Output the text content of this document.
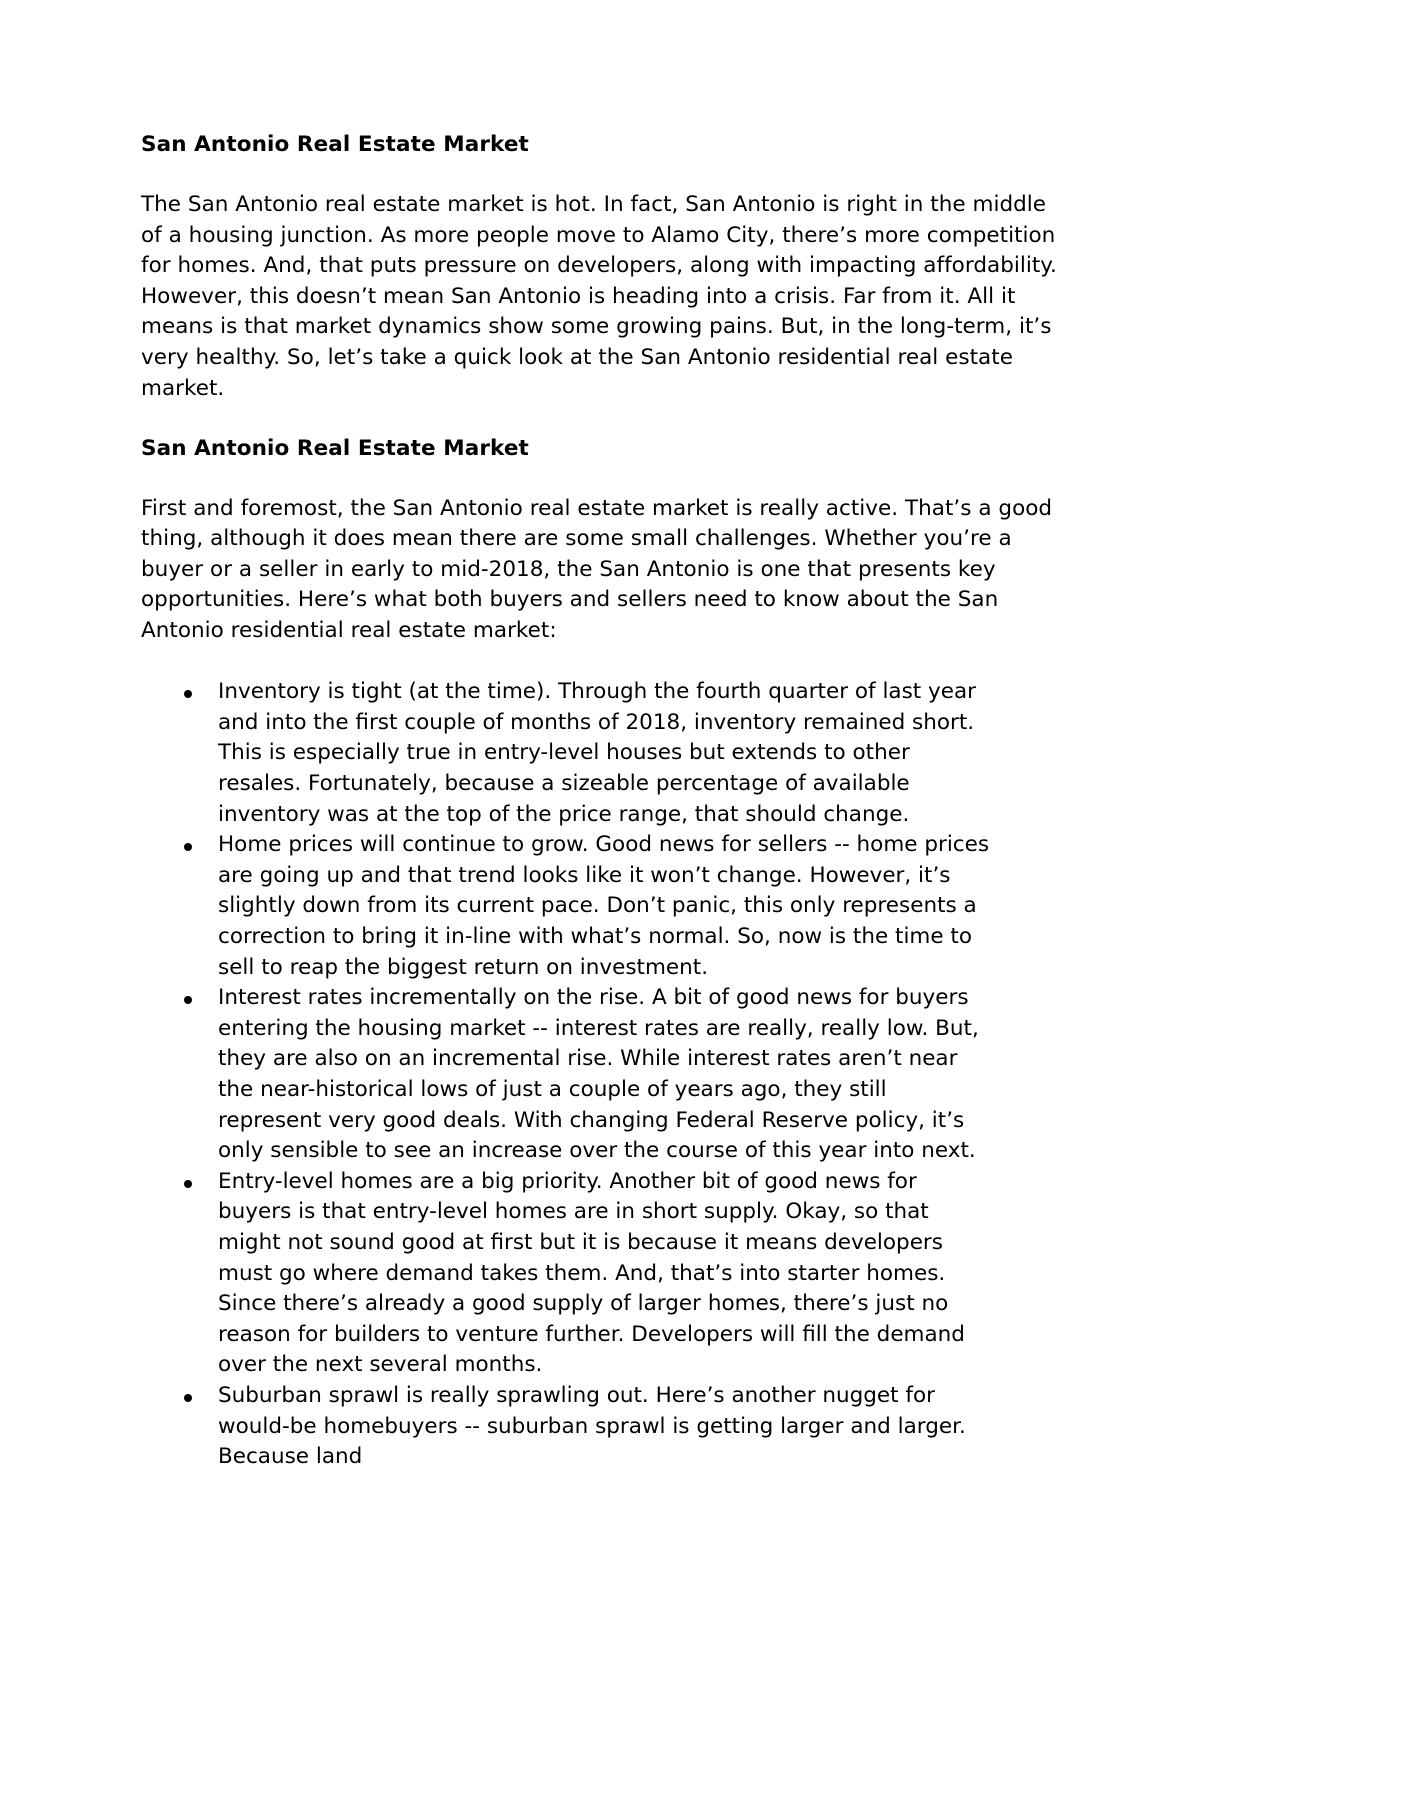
San Antonio Real Estate Market

The San Antonio real estate market is hot. In fact, San Antonio is right in the middle of a housing junction. As more people move to Alamo City, there’s more competition for homes. And, that puts pressure on developers, along with impacting affordability. However, this doesn’t mean San Antonio is heading into a crisis. Far from it. All it means is that market dynamics show some growing pains. But, in the long-term, it’s very healthy. So, let’s take a quick look at the San Antonio residential real estate market.

San Antonio Real Estate Market

First and foremost, the San Antonio real estate market is really active. That’s a good thing, although it does mean there are some small challenges. Whether you’re a buyer or a seller in early to mid-2018, the San Antonio is one that presents key opportunities. Here’s what both buyers and sellers need to know about the San Antonio residential real estate market:

Inventory is tight (at the time). Through the fourth quarter of last year and into the first couple of months of 2018, inventory remained short. This is especially true in entry-level houses but extends to other resales. Fortunately, because a sizeable percentage of available inventory was at the top of the price range, that should change.
Home prices will continue to grow. Good news for sellers -- home prices are going up and that trend looks like it won’t change. However, it’s slightly down from its current pace. Don’t panic, this only represents a correction to bring it in-line with what’s normal. So, now is the time to sell to reap the biggest return on investment.
Interest rates incrementally on the rise. A bit of good news for buyers entering the housing market -- interest rates are really, really low. But, they are also on an incremental rise. While interest rates aren’t near the near-historical lows of just a couple of years ago, they still represent very good deals. With changing Federal Reserve policy, it’s only sensible to see an increase over the course of this year into next.
Entry-level homes are a big priority. Another bit of good news for buyers is that entry-level homes are in short supply. Okay, so that might not sound good at first but it is because it means developers must go where demand takes them. And, that’s into starter homes. Since there’s already a good supply of larger homes, there’s just no reason for builders to venture further. Developers will fill the demand over the next several months.
Suburban sprawl is really sprawling out. Here’s another nugget for would-be homebuyers -- suburban sprawl is getting larger and larger. Because land
